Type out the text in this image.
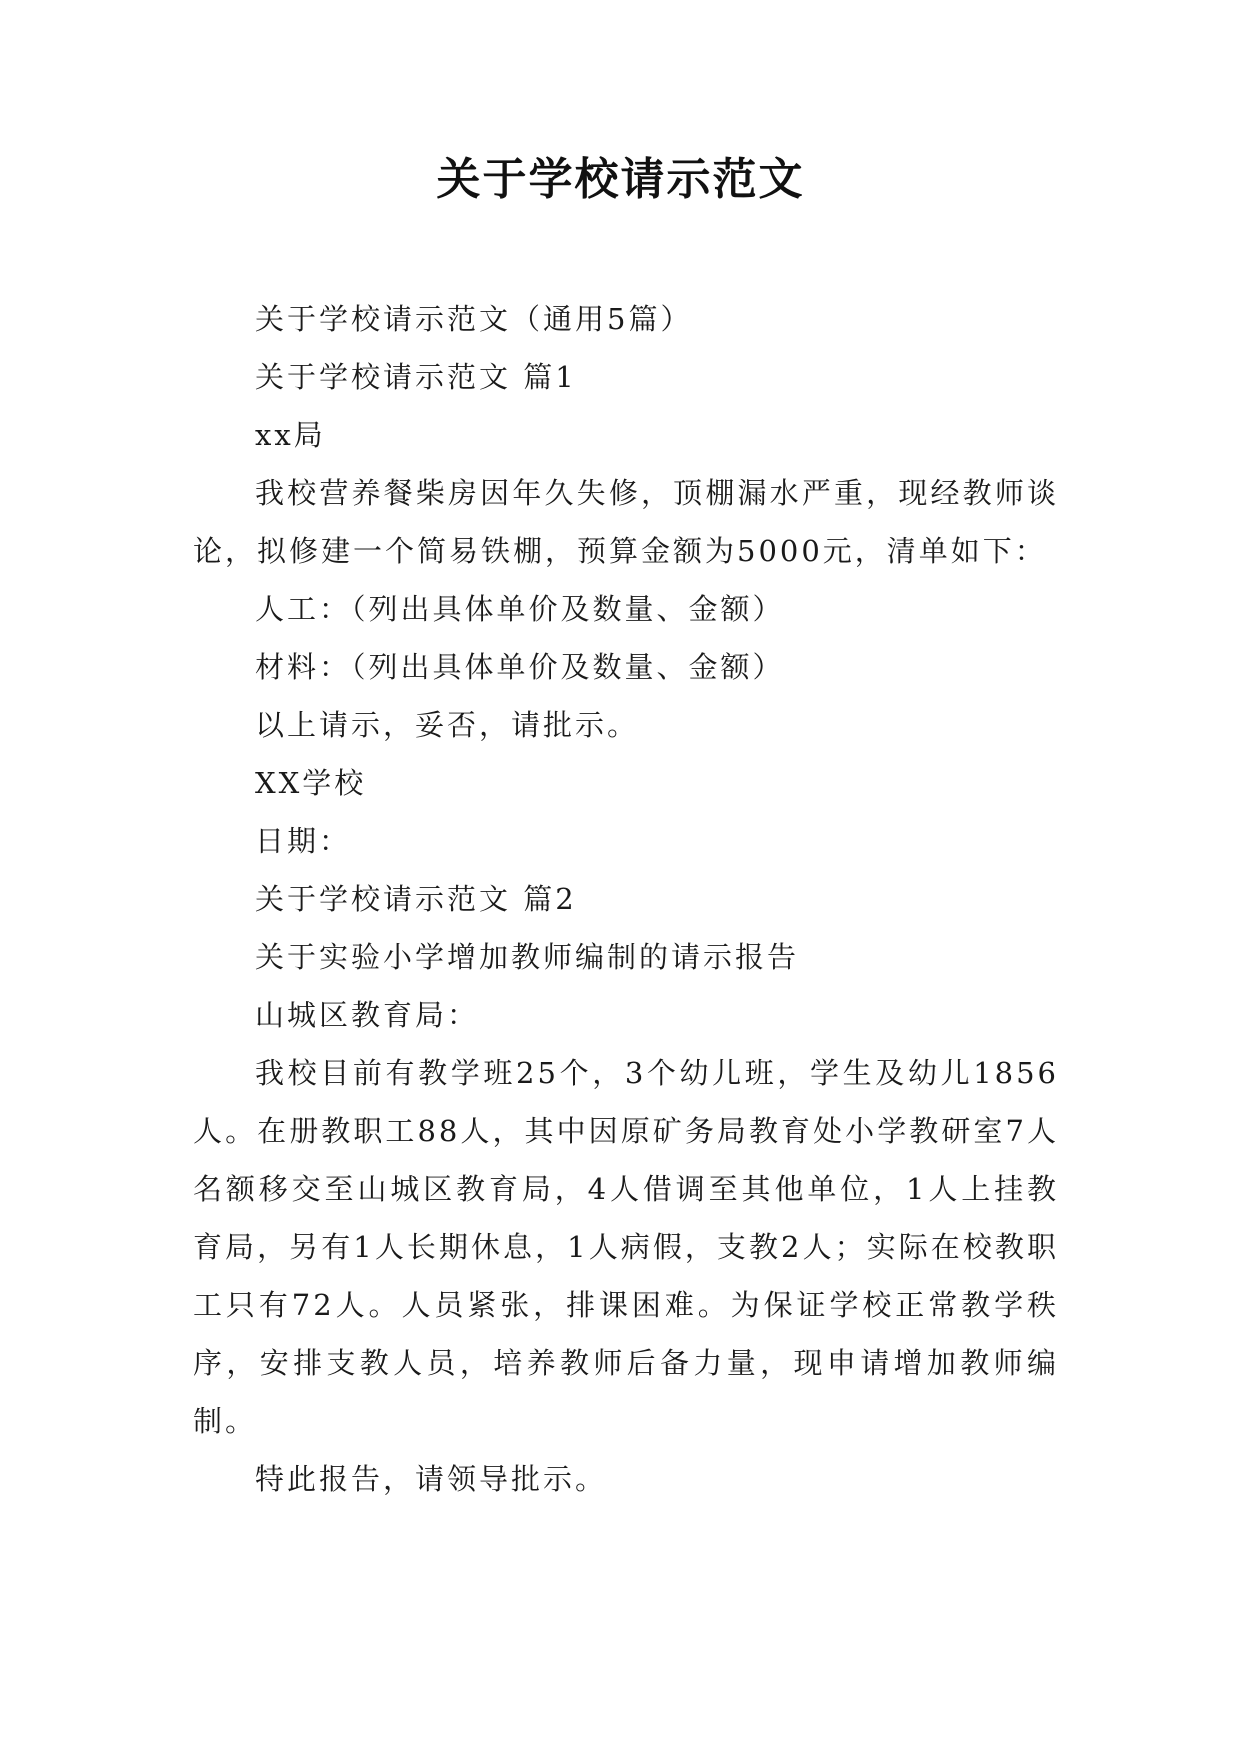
关于学校请示范文

关于学校请示范文（通用5篇）

关于学校请示范文 篇1

xx局

我校营养餐柴房因年久失修，顶棚漏水严重，现经教师谈论，拟修建一个简易铁棚，预算金额为5000元，清单如下：

人工：（列出具体单价及数量、金额）

材料：（列出具体单价及数量、金额）

以上请示，妥否，请批示。

XX学校

日期：

关于学校请示范文 篇2

关于实验小学增加教师编制的请示报告

山城区教育局：

我校目前有教学班25个，3个幼儿班，学生及幼儿1856人。在册教职工88人，其中因原矿务局教育处小学教研室7人名额移交至山城区教育局，4人借调至其他单位，1人上挂教育局，另有1人长期休息，1人病假，支教2人；实际在校教职工只有72人。人员紧张，排课困难。为保证学校正常教学秩序，安排支教人员，培养教师后备力量，现申请增加教师编制。

特此报告，请领导批示。
